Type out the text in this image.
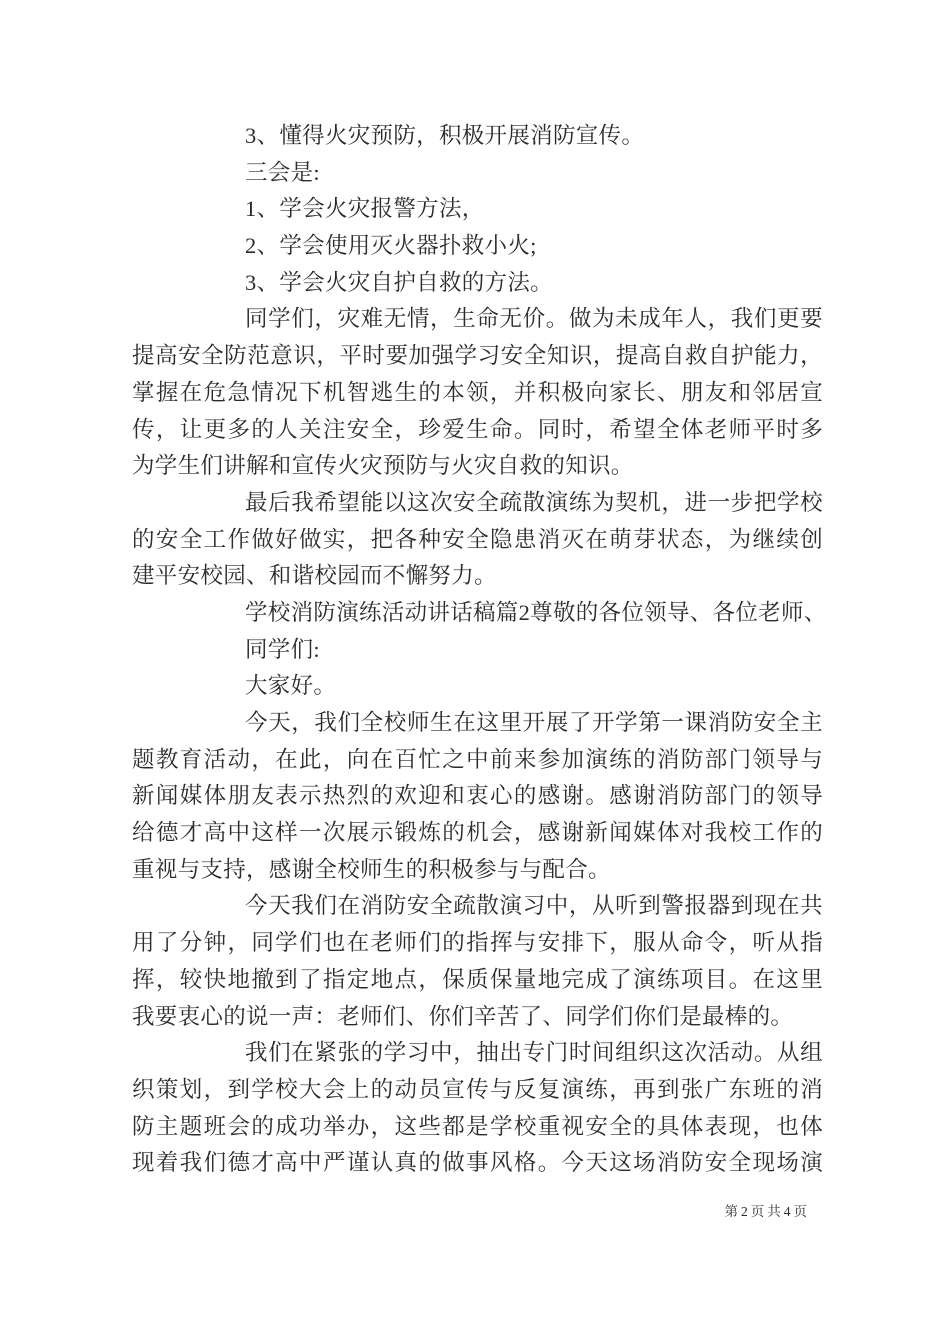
3、懂得火灾预防，积极开展消防宣传。
三会是:
1、学会火灾报警方法，
2、学会使用灭火器扑救小火;
3、学会火灾自护自救的方法。
同学们，灾难无情，生命无价。做为未成年人，我们更要
提高安全防范意识，平时要加强学习安全知识，提高自救自护能力，
掌握在危急情况下机智逃生的本领，并积极向家长、朋友和邻居宣
传，让更多的人关注安全，珍爱生命。同时，希望全体老师平时多
为学生们讲解和宣传火灾预防与火灾自救的知识。
最后我希望能以这次安全疏散演练为契机，进一步把学校
的安全工作做好做实，把各种安全隐患消灭在萌芽状态，为继续创
建平安校园、和谐校园而不懈努力。
学校消防演练活动讲话稿篇2尊敬的各位领导、各位老师、
同学们:
大家好。
今天，我们全校师生在这里开展了开学第一课消防安全主
题教育活动，在此，向在百忙之中前来参加演练的消防部门领导与
新闻媒体朋友表示热烈的欢迎和衷心的感谢。感谢消防部门的领导
给德才高中这样一次展示锻炼的机会，感谢新闻媒体对我校工作的
重视与支持，感谢全校师生的积极参与与配合。
今天我们在消防安全疏散演习中，从听到警报器到现在共
用了分钟，同学们也在老师们的指挥与安排下，服从命令，听从指
挥，较快地撤到了指定地点，保质保量地完成了演练项目。在这里
我要衷心的说一声：老师们、你们辛苦了、同学们你们是最棒的。
我们在紧张的学习中，抽出专门时间组织这次活动。从组
织策划，到学校大会上的动员宣传与反复演练，再到张广东班的消
防主题班会的成功举办，这些都是学校重视安全的具体表现，也体
现着我们德才高中严谨认真的做事风格。今天这场消防安全现场演
第2页共4页
